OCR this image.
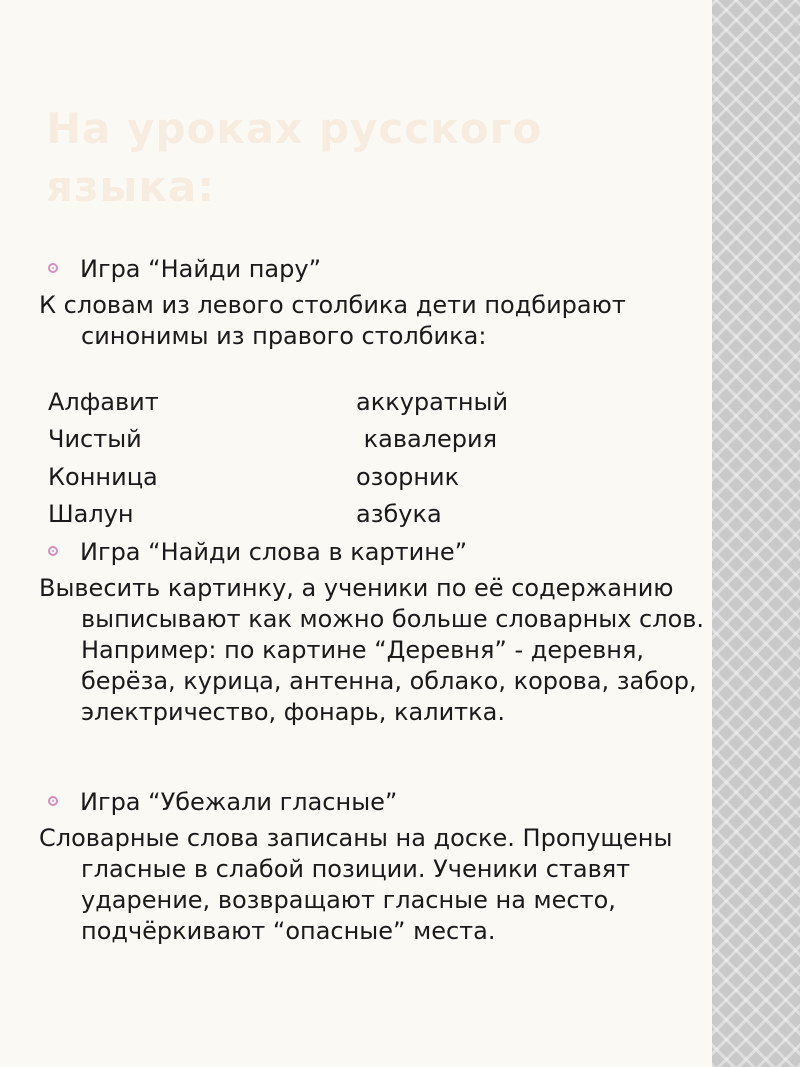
На уроках русского языка:
Игра “Найди пару”
К словам из левого столбика дети подбирают синонимы из правого столбика:
Алфавит	аккуратный
Чистый	кавалерия
Конница	озорник
Шалун	азбука
Игра “Найди слова в картине”
Вывесить картинку, а ученики по её содержанию выписывают как можно больше словарных слов. Например: по картине “Деревня” - деревня, берёза, курица, антенна, облако, корова, забор, электричество, фонарь, калитка.
Игра “Убежали гласные”
Словарные слова записаны на доске. Пропущены гласные в слабой позиции. Ученики ставят ударение, возвращают гласные на место, подчёркивают “опасные” места.
